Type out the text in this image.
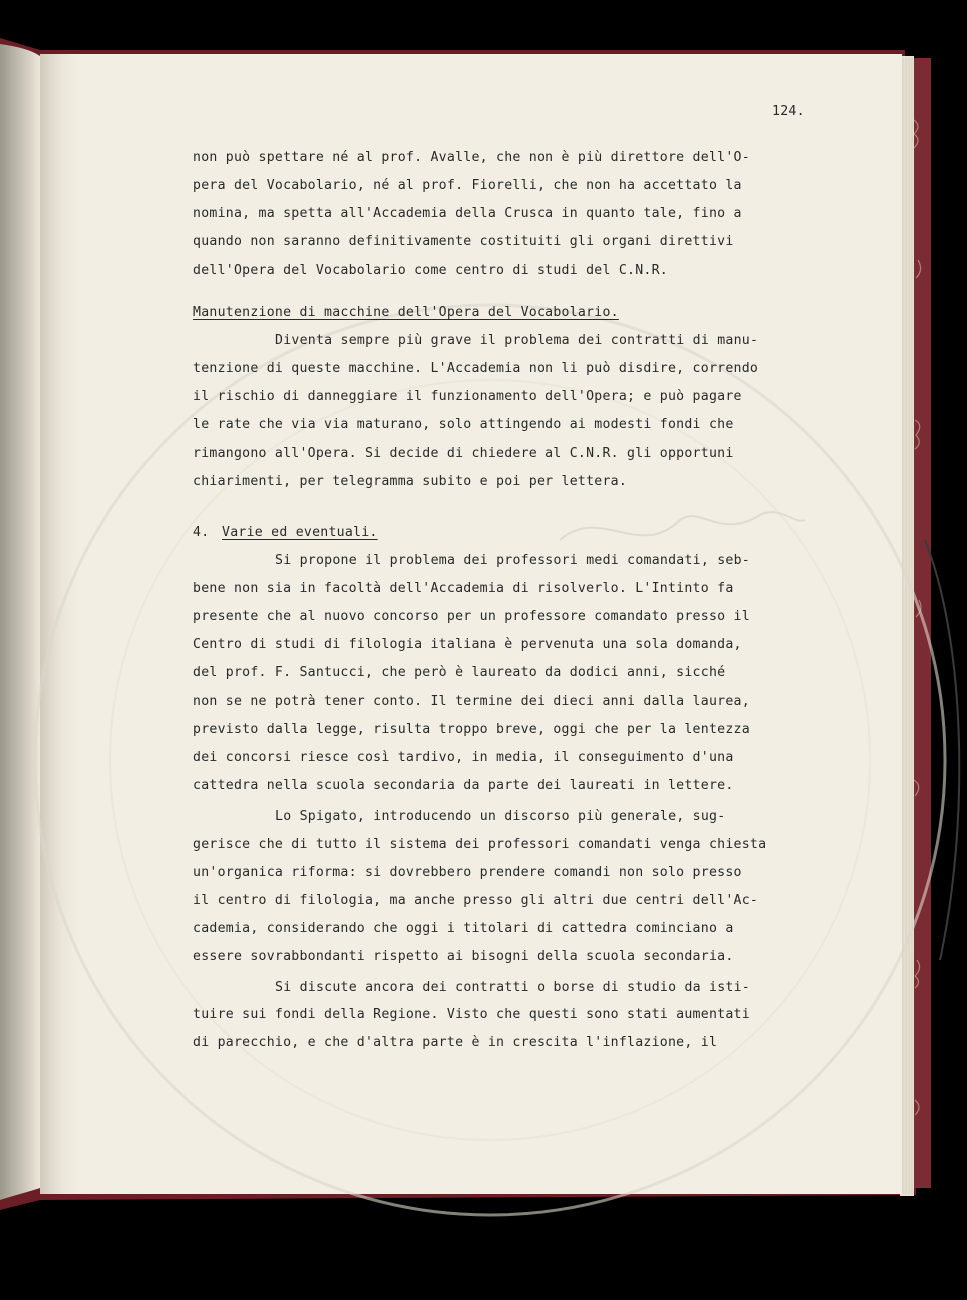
124.
non può spettare né al prof. Avalle, che non è più direttore dell'O-
pera del Vocabolario, né al prof. Fiorelli, che non ha accettato la
nomina, ma spetta all'Accademia della Crusca in quanto tale, fino a
quando non saranno definitivamente costituiti gli organi direttivi
dell'Opera del Vocabolario come centro di studi del C.N.R.
Manutenzione di macchine dell'Opera del Vocabolario.
Diventa sempre più grave il problema dei contratti di manu-
tenzione di queste macchine. L'Accademia non li può disdire, correndo
il rischio di danneggiare il funzionamento dell'Opera; e può pagare
le rate che via via maturano, solo attingendo ai modesti fondi che
rimangono all'Opera. Si decide di chiedere al C.N.R. gli opportuni
chiarimenti, per telegramma subito e poi per lettera.
4. Varie ed eventuali.
Si propone il problema dei professori medi comandati, seb-
bene non sia in facoltà dell'Accademia di risolverlo. L'Intinto fa
presente che al nuovo concorso per un professore comandato presso il
Centro di studi di filologia italiana è pervenuta una sola domanda,
del prof. F. Santucci, che però è laureato da dodici anni, sicché
non se ne potrà tener conto. Il termine dei dieci anni dalla laurea,
previsto dalla legge, risulta troppo breve, oggi che per la lentezza
dei concorsi riesce così tardivo, in media, il conseguimento d'una
cattedra nella scuola secondaria da parte dei laureati in lettere.
Lo Spigato, introducendo un discorso più generale, sug-
gerisce che di tutto il sistema dei professori comandati venga chiesta
un'organica riforma: si dovrebbero prendere comandi non solo presso
il centro di filologia, ma anche presso gli altri due centri dell'Ac-
cademia, considerando che oggi i titolari di cattedra cominciano a
essere sovrabbondanti rispetto ai bisogni della scuola secondaria.
Si discute ancora dei contratti o borse di studio da isti-
tuire sui fondi della Regione. Visto che questi sono stati aumentati
di parecchio, e che d'altra parte è in crescita l'inflazione, il
